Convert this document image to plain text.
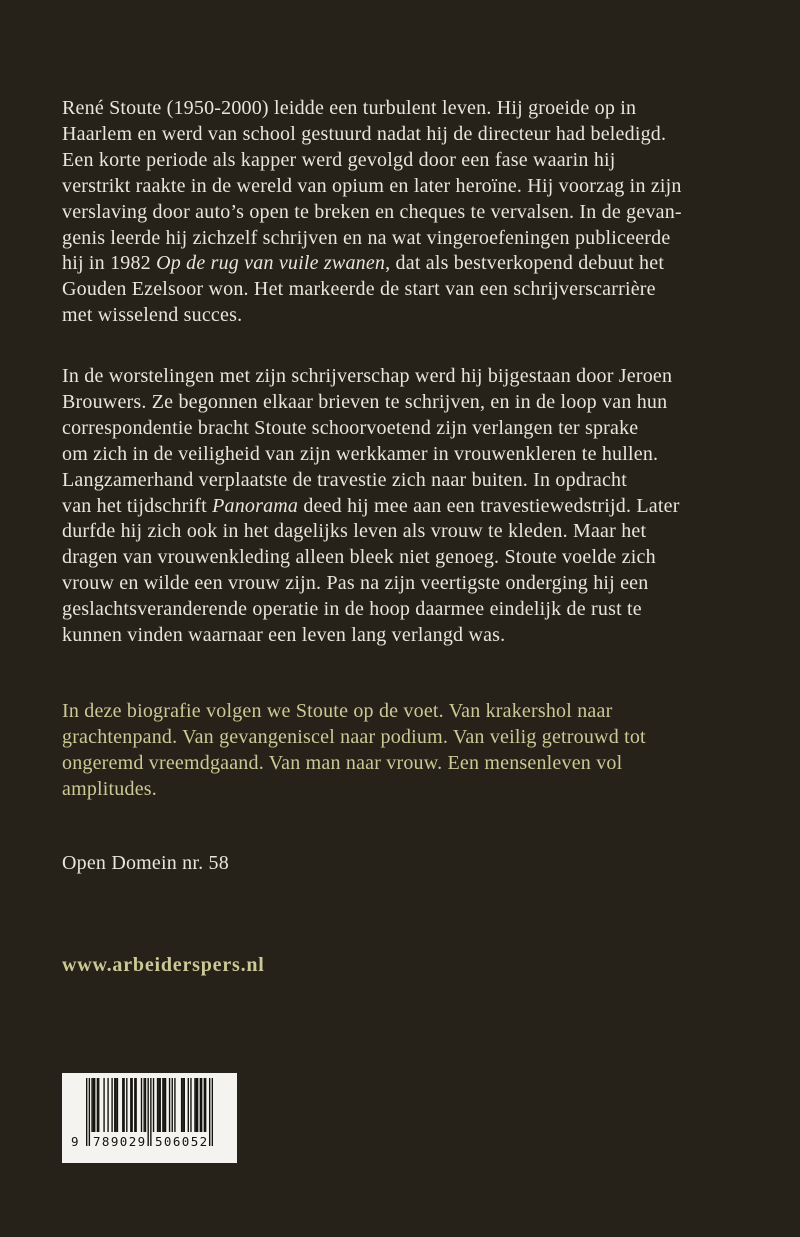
René Stoute (1950-2000) leidde een turbulent leven. Hij groeide op in
Haarlem en werd van school gestuurd nadat hij de directeur had beledigd.
Een korte periode als kapper werd gevolgd door een fase waarin hij
verstrikt raakte in de wereld van opium en later heroïne. Hij voorzag in zijn
verslaving door auto’s open te breken en cheques te vervalsen. In de gevan-
genis leerde hij zichzelf schrijven en na wat vingeroefeningen publiceerde
hij in 1982 Op de rug van vuile zwanen, dat als bestverkopend debuut het
Gouden Ezelsoor won. Het markeerde de start van een schrijverscarrière
met wisselend succes.
In de worstelingen met zijn schrijverschap werd hij bijgestaan door Jeroen
Brouwers. Ze begonnen elkaar brieven te schrijven, en in de loop van hun
correspondentie bracht Stoute schoorvoetend zijn verlangen ter sprake
om zich in de veiligheid van zijn werkkamer in vrouwenkleren te hullen.
Langzamerhand verplaatste de travestie zich naar buiten. In opdracht
van het tijdschrift Panorama deed hij mee aan een travestiewedstrijd. Later
durfde hij zich ook in het dagelijks leven als vrouw te kleden. Maar het
dragen van vrouwenkleding alleen bleek niet genoeg. Stoute voelde zich
vrouw en wilde een vrouw zijn. Pas na zijn veertigste onderging hij een
geslachtsveranderende operatie in de hoop daarmee eindelijk de rust te
kunnen vinden waarnaar een leven lang verlangd was.
In deze biografie volgen we Stoute op de voet. Van krakershol naar
grachtenpand. Van gevangeniscel naar podium. Van veilig getrouwd tot
ongeremd vreemdgaand. Van man naar vrouw. Een mensenleven vol
amplitudes.
Open Domein nr. 58
www.arbeiderspers.nl
9 789029 506052
